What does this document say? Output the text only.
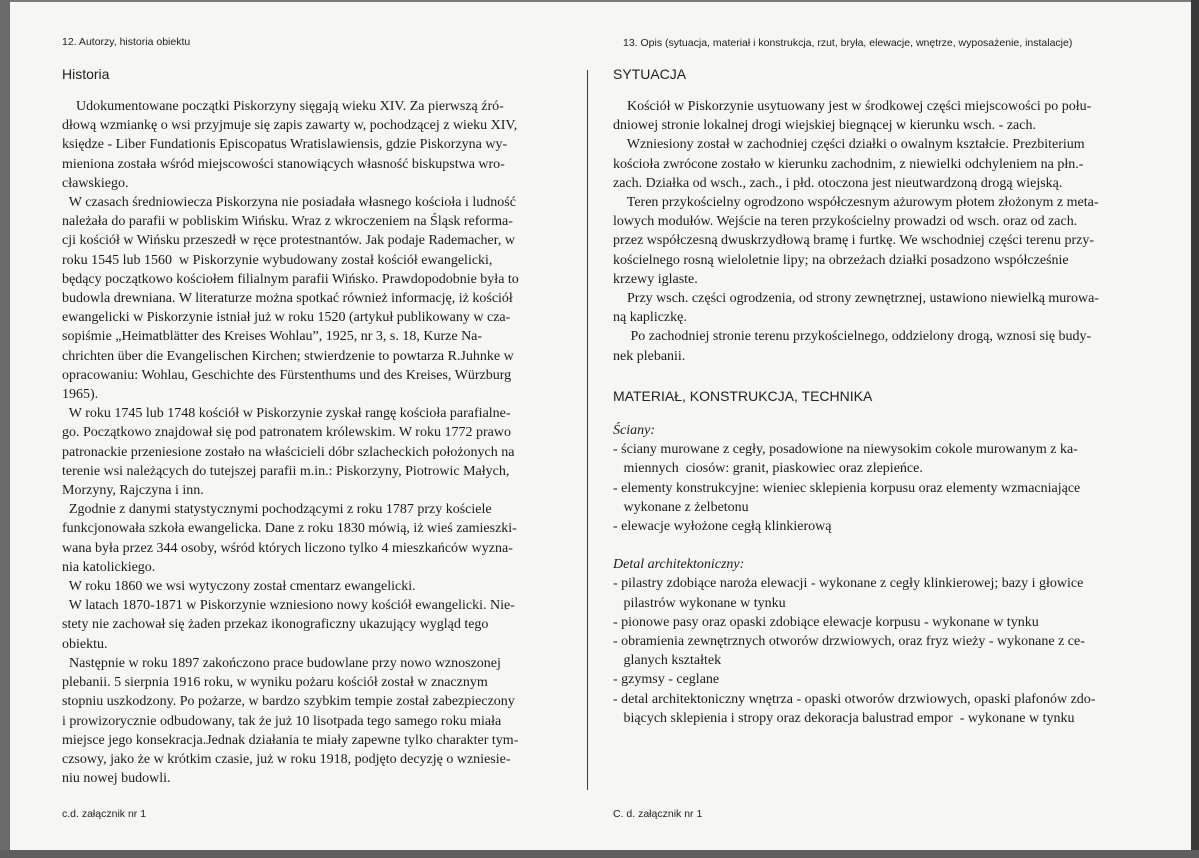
12. Autorzy, historia obiektu	13. Opis (sytuacja, materiał i konstrukcja, rzut, bryła, elewacje, wnętrze, wyposażenie, instalacje)
Historia	SYTUACJA
Udokumentowane początki Piskorzyny sięgają wieku XIV. Za pierwszą źró-
dłową wzmiankę o wsi przyjmuje się zapis zawarty w, pochodzącej z wieku XIV,
księdze - Liber Fundationis Episcopatus Wratislawiensis, gdzie Piskorzyna wy-
mieniona została wśród miejscowości stanowiących własność biskupstwa wro-
cławskiego.
W czasach średniowiecza Piskorzyna nie posiadała własnego kościoła i ludność
należała do parafii w pobliskim Wińsku. Wraz z wkroczeniem na Śląsk reforma-
cji kościół w Wińsku przeszedł w ręce protestnantów. Jak podaje Rademacher, w
roku 1545 lub 1560  w Piskorzynie wybudowany został kościół ewangelicki,
będący początkowo kościołem filialnym parafii Wińsko. Prawdopodobnie była to
budowla drewniana. W literaturze można spotkać również informację, iż kościół
ewangelicki w Piskorzynie istniał już w roku 1520 (artykuł publikowany w cza-
sopiśmie „Heimatblätter des Kreises Wohlau”, 1925, nr 3, s. 18, Kurze Na-
chrichten über die Evangelischen Kirchen; stwierdzenie to powtarza R.Juhnke w
opracowaniu: Wohlau, Geschichte des Fürstenthums und des Kreises, Würzburg
1965).
W roku 1745 lub 1748 kościół w Piskorzynie zyskał rangę kościoła parafialne-
go. Początkowo znajdował się pod patronatem królewskim. W roku 1772 prawo
patronackie przeniesione zostało na właścicieli dóbr szlacheckich położonych na
terenie wsi należących do tutejszej parafii m.in.: Piskorzyny, Piotrowic Małych,
Morzyny, Rajczyna i inn.
Zgodnie z danymi statystycznymi pochodzącymi z roku 1787 przy kościele
funkcjonowała szkoła ewangelicka. Dane z roku 1830 mówią, iż wieś zamieszki-
wana była przez 344 osoby, wśród których liczono tylko 4 mieszkańców wyzna-
nia katolickiego.
W roku 1860 we wsi wytyczony został cmentarz ewangelicki.
W latach 1870-1871 w Piskorzynie wzniesiono nowy kościół ewangelicki. Nie-
stety nie zachował się żaden przekaz ikonograficzny ukazujący wygląd tego
obiektu.
Następnie w roku 1897 zakończono prace budowlane przy nowo wznoszonej
plebanii. 5 sierpnia 1916 roku, w wyniku pożaru kościół został w znacznym
stopniu uszkodzony. Po pożarze, w bardzo szybkim tempie został zabezpieczony
i prowizorycznie odbudowany, tak że już 10 lisotpada tego samego roku miała
miejsce jego konsekracja.Jednak działania te miały zapewne tylko charakter tym-
czsowy, jako że w krótkim czasie, już w roku 1918, podjęto decyzję o wzniesie-
niu nowej budowli.
Kościół w Piskorzynie usytuowany jest w środkowej części miejscowości po połu-
dniowej stronie lokalnej drogi wiejskiej biegnącej w kierunku wsch. - zach.
Wzniesiony został w zachodniej części działki o owalnym kształcie. Prezbiterium
kościoła zwrócone zostało w kierunku zachodnim, z niewielki odchyleniem na płn.-
zach. Działka od wsch., zach., i płd. otoczona jest nieutwardzoną drogą wiejską.
Teren przykościelny ogrodzono współczesnym ażurowym płotem złożonym z meta-
lowych modułów. Wejście na teren przykościelny prowadzi od wsch. oraz od zach.
przez współczesną dwuskrzydłową bramę i furtkę. We wschodniej części terenu przy-
kościelnego rosną wieloletnie lipy; na obrzeżach działki posadzono współcześnie
krzewy iglaste.
Przy wsch. części ogrodzenia, od strony zewnętrznej, ustawiono niewielką murowa-
ną kapliczkę.
Po zachodniej stronie terenu przykościelnego, oddzielony drogą, wznosi się budy-
nek plebanii.
MATERIAŁ, KONSTRUKCJA, TECHNIKA
Ściany:
- ściany murowane z cegły, posadowione na niewysokim cokole murowanym z ka-
miennych  ciosów: granit, piaskowiec oraz zlepieńce.
- elementy konstrukcyjne: wieniec sklepienia korpusu oraz elementy wzmacniające
wykonane z żelbetonu
- elewacje wyłożone cegłą klinkierową
Detal architektoniczny:
- pilastry zdobiące naroża elewacji - wykonane z cegły klinkierowej; bazy i głowice
pilastrów wykonane w tynku
- pionowe pasy oraz opaski zdobiące elewacje korpusu - wykonane w tynku
- obramienia zewnętrznych otworów drzwiowych, oraz fryz wieży - wykonane z ce-
glanych kształtek
- gzymsy - ceglane
- detal architektoniczny wnętrza - opaski otworów drzwiowych, opaski plafonów zdo-
biących sklepienia i stropy oraz dekoracja balustrad empor  - wykonane w tynku
c.d. załącznik nr 1	C. d. załącznik nr 1
